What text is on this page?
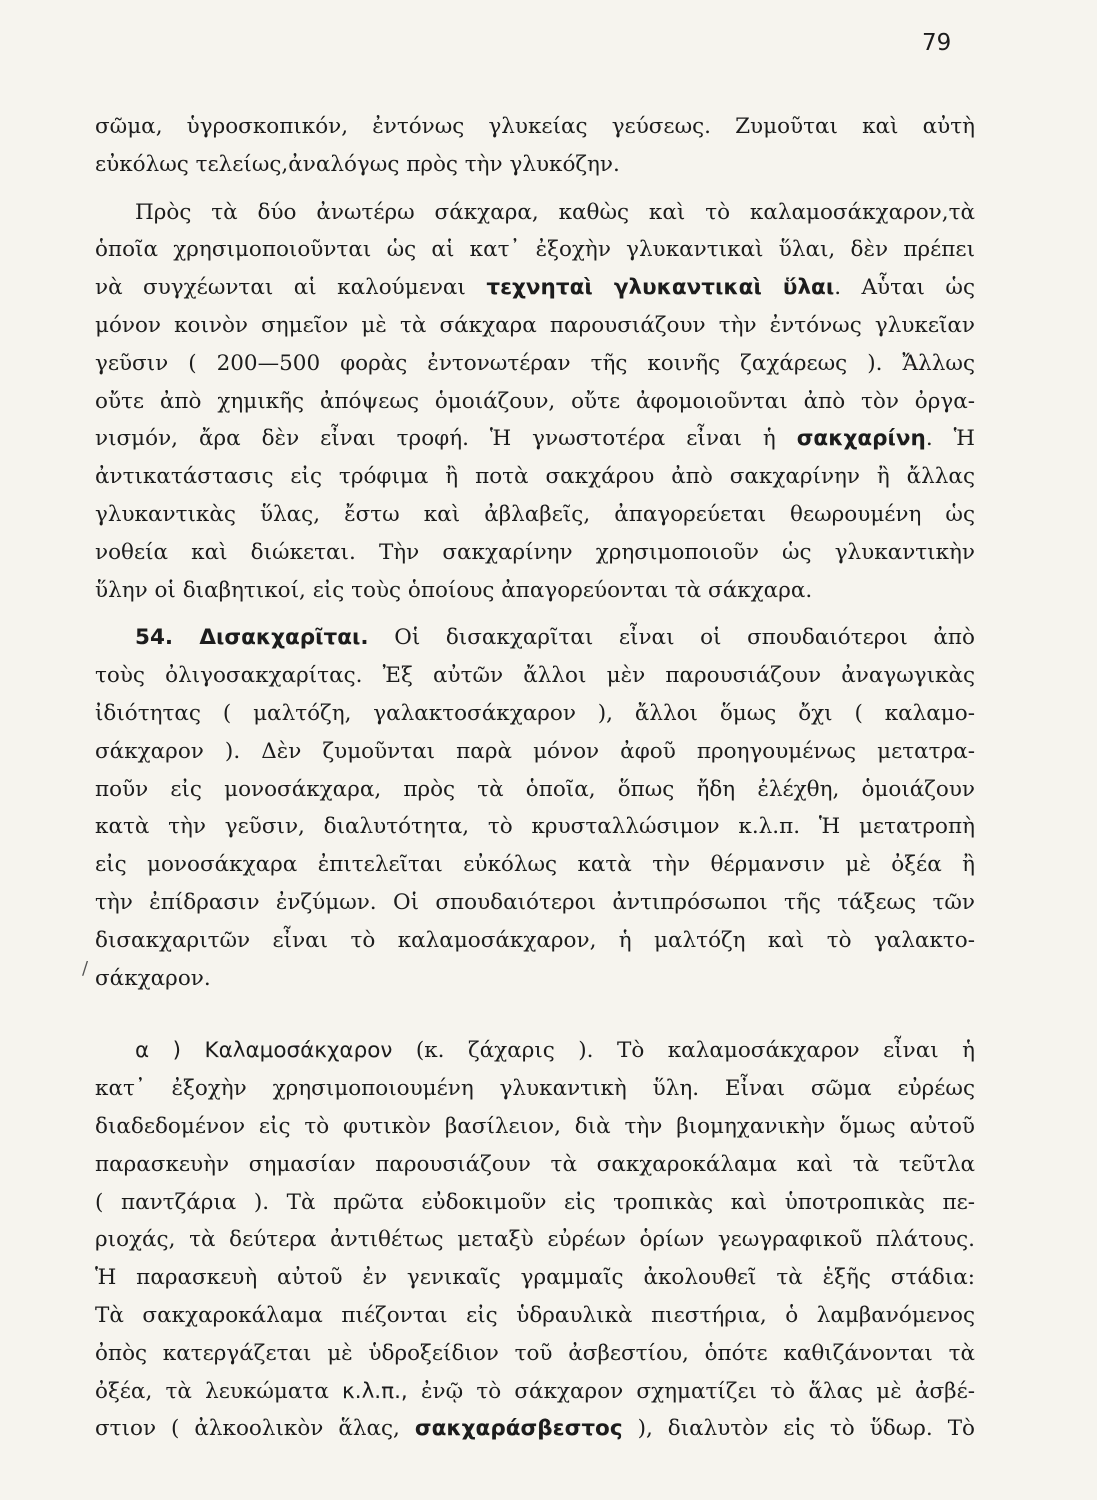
79
/
σῶμα, ὑγροσκοπικόν, ἐντόνως γλυκείας γεύσεως. Ζυμοῦται καὶ αὐτὴ
εὐκόλως τελείως,ἀναλόγως πρὸς τὴν γλυκόζην.
Πρὸς τὰ δύο ἀνωτέρω σάκχαρα, καθὼς καὶ τὸ καλαμοσάκχαρον,τὰ
ὁποῖα χρησιμοποιοῦνται ὡς αἱ κατ᾽ ἐξοχὴν γλυκαντικαὶ ὕλαι, δὲν πρέπει
νὰ συγχέωνται αἱ καλούμεναι τεχνηταὶ γλυκαντικαὶ ὕλαι. Αὗται ὡς
μόνον κοινὸν σημεῖον μὲ τὰ σάκχαρα παρουσιάζουν τὴν ἐντόνως γλυκεῖαν
γεῦσιν ( 200—500 φορὰς ἐντονωτέραν τῆς κοινῆς ζαχάρεως ). Ἄλλως
οὔτε ἀπὸ χημικῆς ἀπόψεως ὁμοιάζουν, οὔτε ἀφομοιοῦνται ἀπὸ τὸν ὀργα-
νισμόν, ἄρα δὲν εἶναι τροφή. Ἡ γνωστοτέρα εἶναι ἡ σακχαρίνη. Ἡ
ἀντικατάστασις εἰς τρόφιμα ἢ ποτὰ σακχάρου ἀπὸ σακχαρίνην ἢ ἄλλας
γλυκαντικὰς ὕλας, ἔστω καὶ ἀβλαβεῖς, ἀπαγορεύεται θεωρουμένη ὡς
νοθεία καὶ διώκεται. Τὴν σακχαρίνην χρησιμοποιοῦν ὡς γλυκαντικὴν
ὕλην οἱ διαβητικοί, εἰς τοὺς ὁποίους ἀπαγορεύονται τὰ σάκχαρα.
54. Δισακχαρῖται. Οἱ δισακχαρῖται εἶναι οἱ σπουδαιότεροι ἀπὸ
τοὺς ὀλιγοσακχαρίτας. Ἐξ αὐτῶν ἄλλοι μὲν παρουσιάζουν ἀναγωγικὰς
ἰδιότητας ( μαλτόζη, γαλακτοσάκχαρον ), ἄλλοι ὅμως ὄχι ( καλαμο-
σάκχαρον ). Δὲν ζυμοῦνται παρὰ μόνον ἀφοῦ προηγουμένως μετατρα-
ποῦν εἰς μονοσάκχαρα, πρὸς τὰ ὁποῖα, ὅπως ἤδη ἐλέχθη, ὁμοιάζουν
κατὰ τὴν γεῦσιν, διαλυτότητα, τὸ κρυσταλλώσιμον κ.λ.π. Ἡ μετατροπὴ
εἰς μονοσάκχαρα ἐπιτελεῖται εὐκόλως κατὰ τὴν θέρμανσιν μὲ ὀξέα ἢ
τὴν ἐπίδρασιν ἐνζύμων. Οἱ σπουδαιότεροι ἀντιπρόσωποι τῆς τάξεως τῶν
δισακχαριτῶν εἶναι τὸ καλαμοσάκχαρον, ἡ μαλτόζη καὶ τὸ γαλακτο-
σάκχαρον.
α ) Καλαμοσάκχαρον (κ. ζάχαρις ). Τὸ καλαμοσάκχαρον εἶναι ἡ
κατ᾽ ἐξοχὴν χρησιμοποιουμένη γλυκαντικὴ ὕλη. Εἶναι σῶμα εὐρέως
διαδεδομένον εἰς τὸ φυτικὸν βασίλειον, διὰ τὴν βιομηχανικὴν ὅμως αὐτοῦ
παρασκευὴν σημασίαν παρουσιάζουν τὰ σακχαροκάλαμα καὶ τὰ τεῦτλα
( παντζάρια ). Τὰ πρῶτα εὐδοκιμοῦν εἰς τροπικὰς καὶ ὑποτροπικὰς πε-
ριοχάς, τὰ δεύτερα ἀντιθέτως μεταξὺ εὐρέων ὁρίων γεωγραφικοῦ πλάτους.
Ἡ παρασκευὴ αὐτοῦ ἐν γενικαῖς γραμμαῖς ἀκολουθεῖ τὰ ἑξῆς στάδια:
Τὰ σακχαροκάλαμα πιέζονται εἰς ὑδραυλικὰ πιεστήρια, ὁ λαμβανόμενος
ὀπὸς κατεργάζεται μὲ ὑδροξείδιον τοῦ ἀσβεστίου, ὁπότε καθιζάνονται τὰ
ὀξέα, τὰ λευκώματα κ.λ.π., ἐνῷ τὸ σάκχαρον σχηματίζει τὸ ἅλας μὲ ἀσβέ-
στιον ( ἀλκοολικὸν ἅλας, σακχαράσβεστος ), διαλυτὸν εἰς τὸ ὕδωρ. Τὸ
